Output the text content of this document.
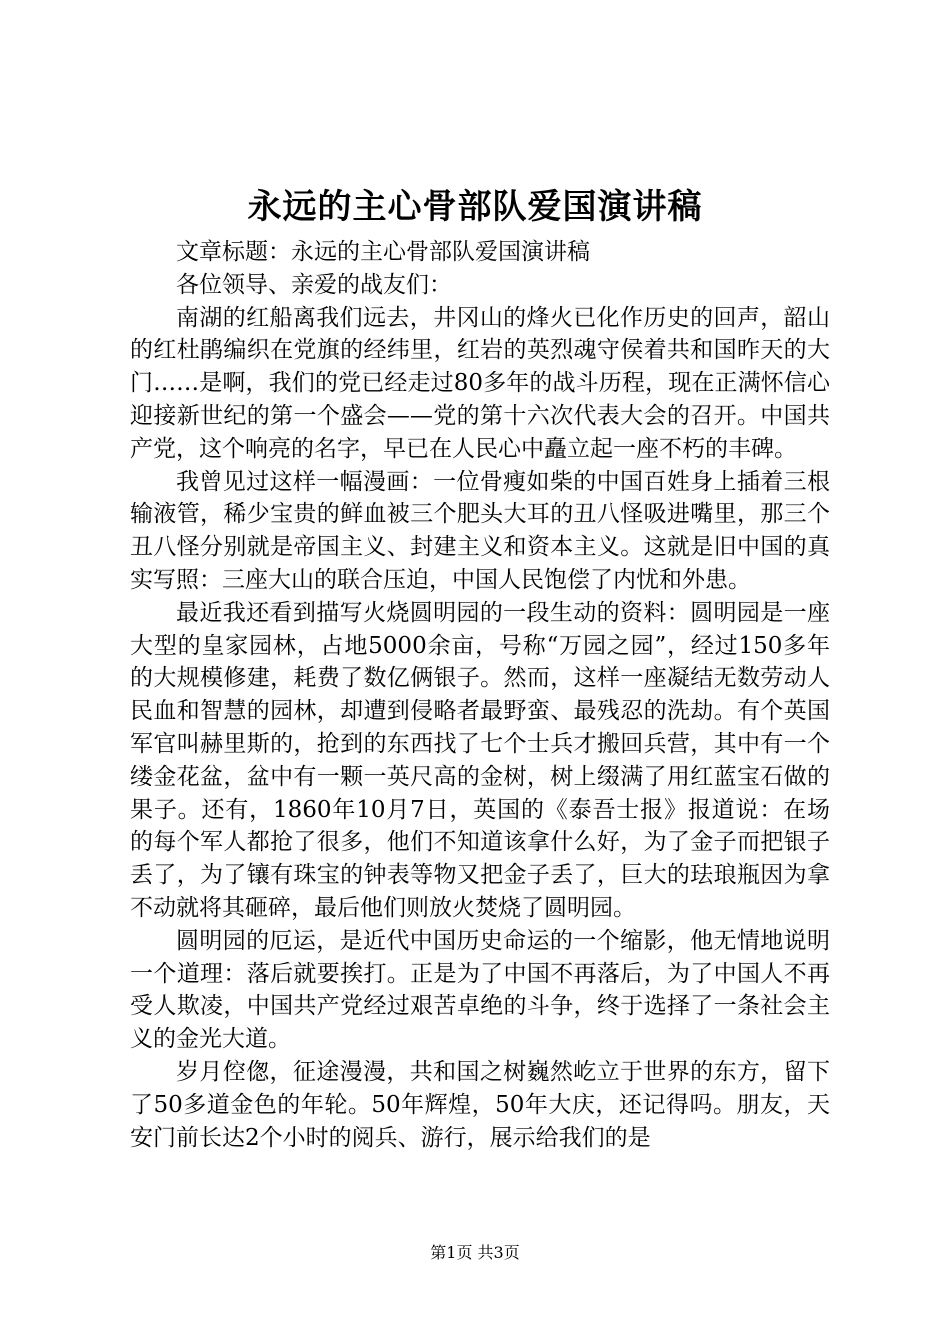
永远的主心骨部队爱国演讲稿

文章标题：永远的主心骨部队爱国演讲稿

各位领导、亲爱的战友们：

南湖的红船离我们远去，井冈山的烽火已化作历史的回声，韶山的红杜鹃编织在党旗的经纬里，红岩的英烈魂守侯着共和国昨天的大门……是啊，我们的党已经走过80多年的战斗历程，现在正满怀信心迎接新世纪的第一个盛会——党的第十六次代表大会的召开。中国共产党，这个响亮的名字，早已在人民心中矗立起一座不朽的丰碑。

我曾见过这样一幅漫画：一位骨瘦如柴的中国百姓身上插着三根输液管，稀少宝贵的鲜血被三个肥头大耳的丑八怪吸进嘴里，那三个丑八怪分别就是帝国主义、封建主义和资本主义。这就是旧中国的真实写照：三座大山的联合压迫，中国人民饱偿了内忧和外患。

最近我还看到描写火烧圆明园的一段生动的资料：圆明园是一座大型的皇家园林，占地5000余亩，号称“万园之园”，经过150多年的大规模修建，耗费了数亿俩银子。然而，这样一座凝结无数劳动人民血和智慧的园林，却遭到侵略者最野蛮、最残忍的洗劫。有个英国军官叫赫里斯的，抢到的东西找了七个士兵才搬回兵营，其中有一个缕金花盆，盆中有一颗一英尺高的金树，树上缀满了用红蓝宝石做的果子。还有，1860年10月7日，英国的《泰吾士报》报道说：在场的每个军人都抢了很多，他们不知道该拿什么好，为了金子而把银子丢了，为了镶有珠宝的钟表等物又把金子丢了，巨大的珐琅瓶因为拿不动就将其砸碎，最后他们则放火焚烧了圆明园。

圆明园的厄运，是近代中国历史命运的一个缩影，他无情地说明一个道理：落后就要挨打。正是为了中国不再落后，为了中国人不再受人欺凌，中国共产党经过艰苦卓绝的斗争，终于选择了一条社会主义的金光大道。

岁月倥偬，征途漫漫，共和国之树巍然屹立于世界的东方，留下了50多道金色的年轮。50年辉煌，50年大庆，还记得吗。朋友，天安门前长达2个小时的阅兵、游行，展示给我们的是

第1页 共3页
